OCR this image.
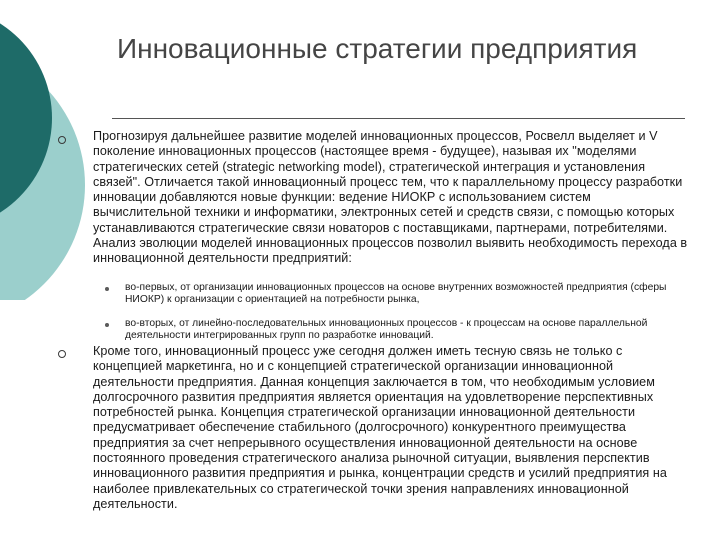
Инновационные стратегии предприятия
Прогнозируя дальнейшее развитие моделей инновационных процессов, Росвелл выделяет и V поколение инновационных процессов (настоящее время - будущее), называя их "моделями стратегических сетей (strategic networking model), стратегической интеграция и установления связей". Отличается такой инновационный процесс тем, что к параллельному процессу разработки инновации добавляются новые функции: ведение НИОКР с использованием систем вычислительной техники и информатики, электронных сетей и средств связи, с помощью которых устанавливаются стратегические связи новаторов с поставщиками, партнерами, потребителями. Анализ эволюции моделей инновационных процессов позволил выявить необходимость перехода в инновационной деятельности предприятий:
во-первых, от организации инновационных процессов на основе внутренних возможностей предприятия (сферы НИОКР) к организации с ориентацией на потребности рынка,
во-вторых, от линейно-последовательных инновационных процессов - к процессам на основе параллельной деятельности интегрированных групп по разработке инноваций.
Кроме того, инновационный процесс уже сегодня должен иметь тесную связь не только с концепцией маркетинга, но и с концепцией стратегической организации инновационной деятельности предприятия. Данная концепция заключается в том, что необходимым условием долгосрочного развития предприятия является ориентация на удовлетворение перспективных потребностей рынка. Концепция стратегической организации инновационной деятельности предусматривает обеспечение стабильного (долгосрочного) конкурентного преимущества предприятия за счет непрерывного осуществления инновационной деятельности на основе постоянного проведения стратегического анализа рыночной ситуации, выявления перспектив инновационного развития предприятия и рынка, концентрации средств и усилий предприятия на наиболее привлекательных со стратегической точки зрения направлениях инновационной деятельности.
